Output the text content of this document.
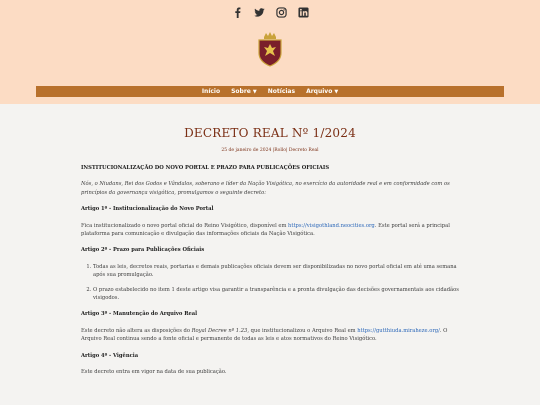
Início Sobre ▼ Notícias Arquivo ▼
DECRETO REAL Nº 1/2024
25 de janeiro de 2024 |Rollo| Decreto Real

INSTITUCIONALIZAÇÃO DO NOVO PORTAL E PRAZO PARA PUBLICAÇÕES OFICIAIS

Nós, o Niudans, Rei dos Godos e Vândalos, soberano e líder da Nação Visigótica, no exercício da autoridade real e em conformidade com os princípios da governança visigótica, promulgamos o seguinte decreto:

Artigo 1º - Institucionalização do Novo Portal

Fica institucionalizado o novo portal oficial do Reino Visigótico, disponível em https://visigothland.neocities.org. Este portal será a principal plataforma para comunicação e divulgação das informações oficiais da Nação Visigótica.

Artigo 2º - Prazo para Publicações Oficiais

1. Todas as leis, decretos reais, portarias e demais publicações oficiais devem ser disponibilizadas no novo portal oficial em até uma semana após sua promulgação.
2. O prazo estabelecido no item 1 deste artigo visa garantir a transparência e a pronta divulgação das decisões governamentais aos cidadãos visigodos.

Artigo 3º - Manutenção do Arquivo Real

Este decreto não altera as disposições do Royal Decree nº 1.23, que institucionalizou o Arquivo Real em https://gutthiuda.miraheze.org/. O Arquivo Real continua sendo a fonte oficial e permanente de todas as leis e atos normativos do Reino Visigótico.

Artigo 4º - Vigência

Este decreto entra em vigor na data de sua publicação.
